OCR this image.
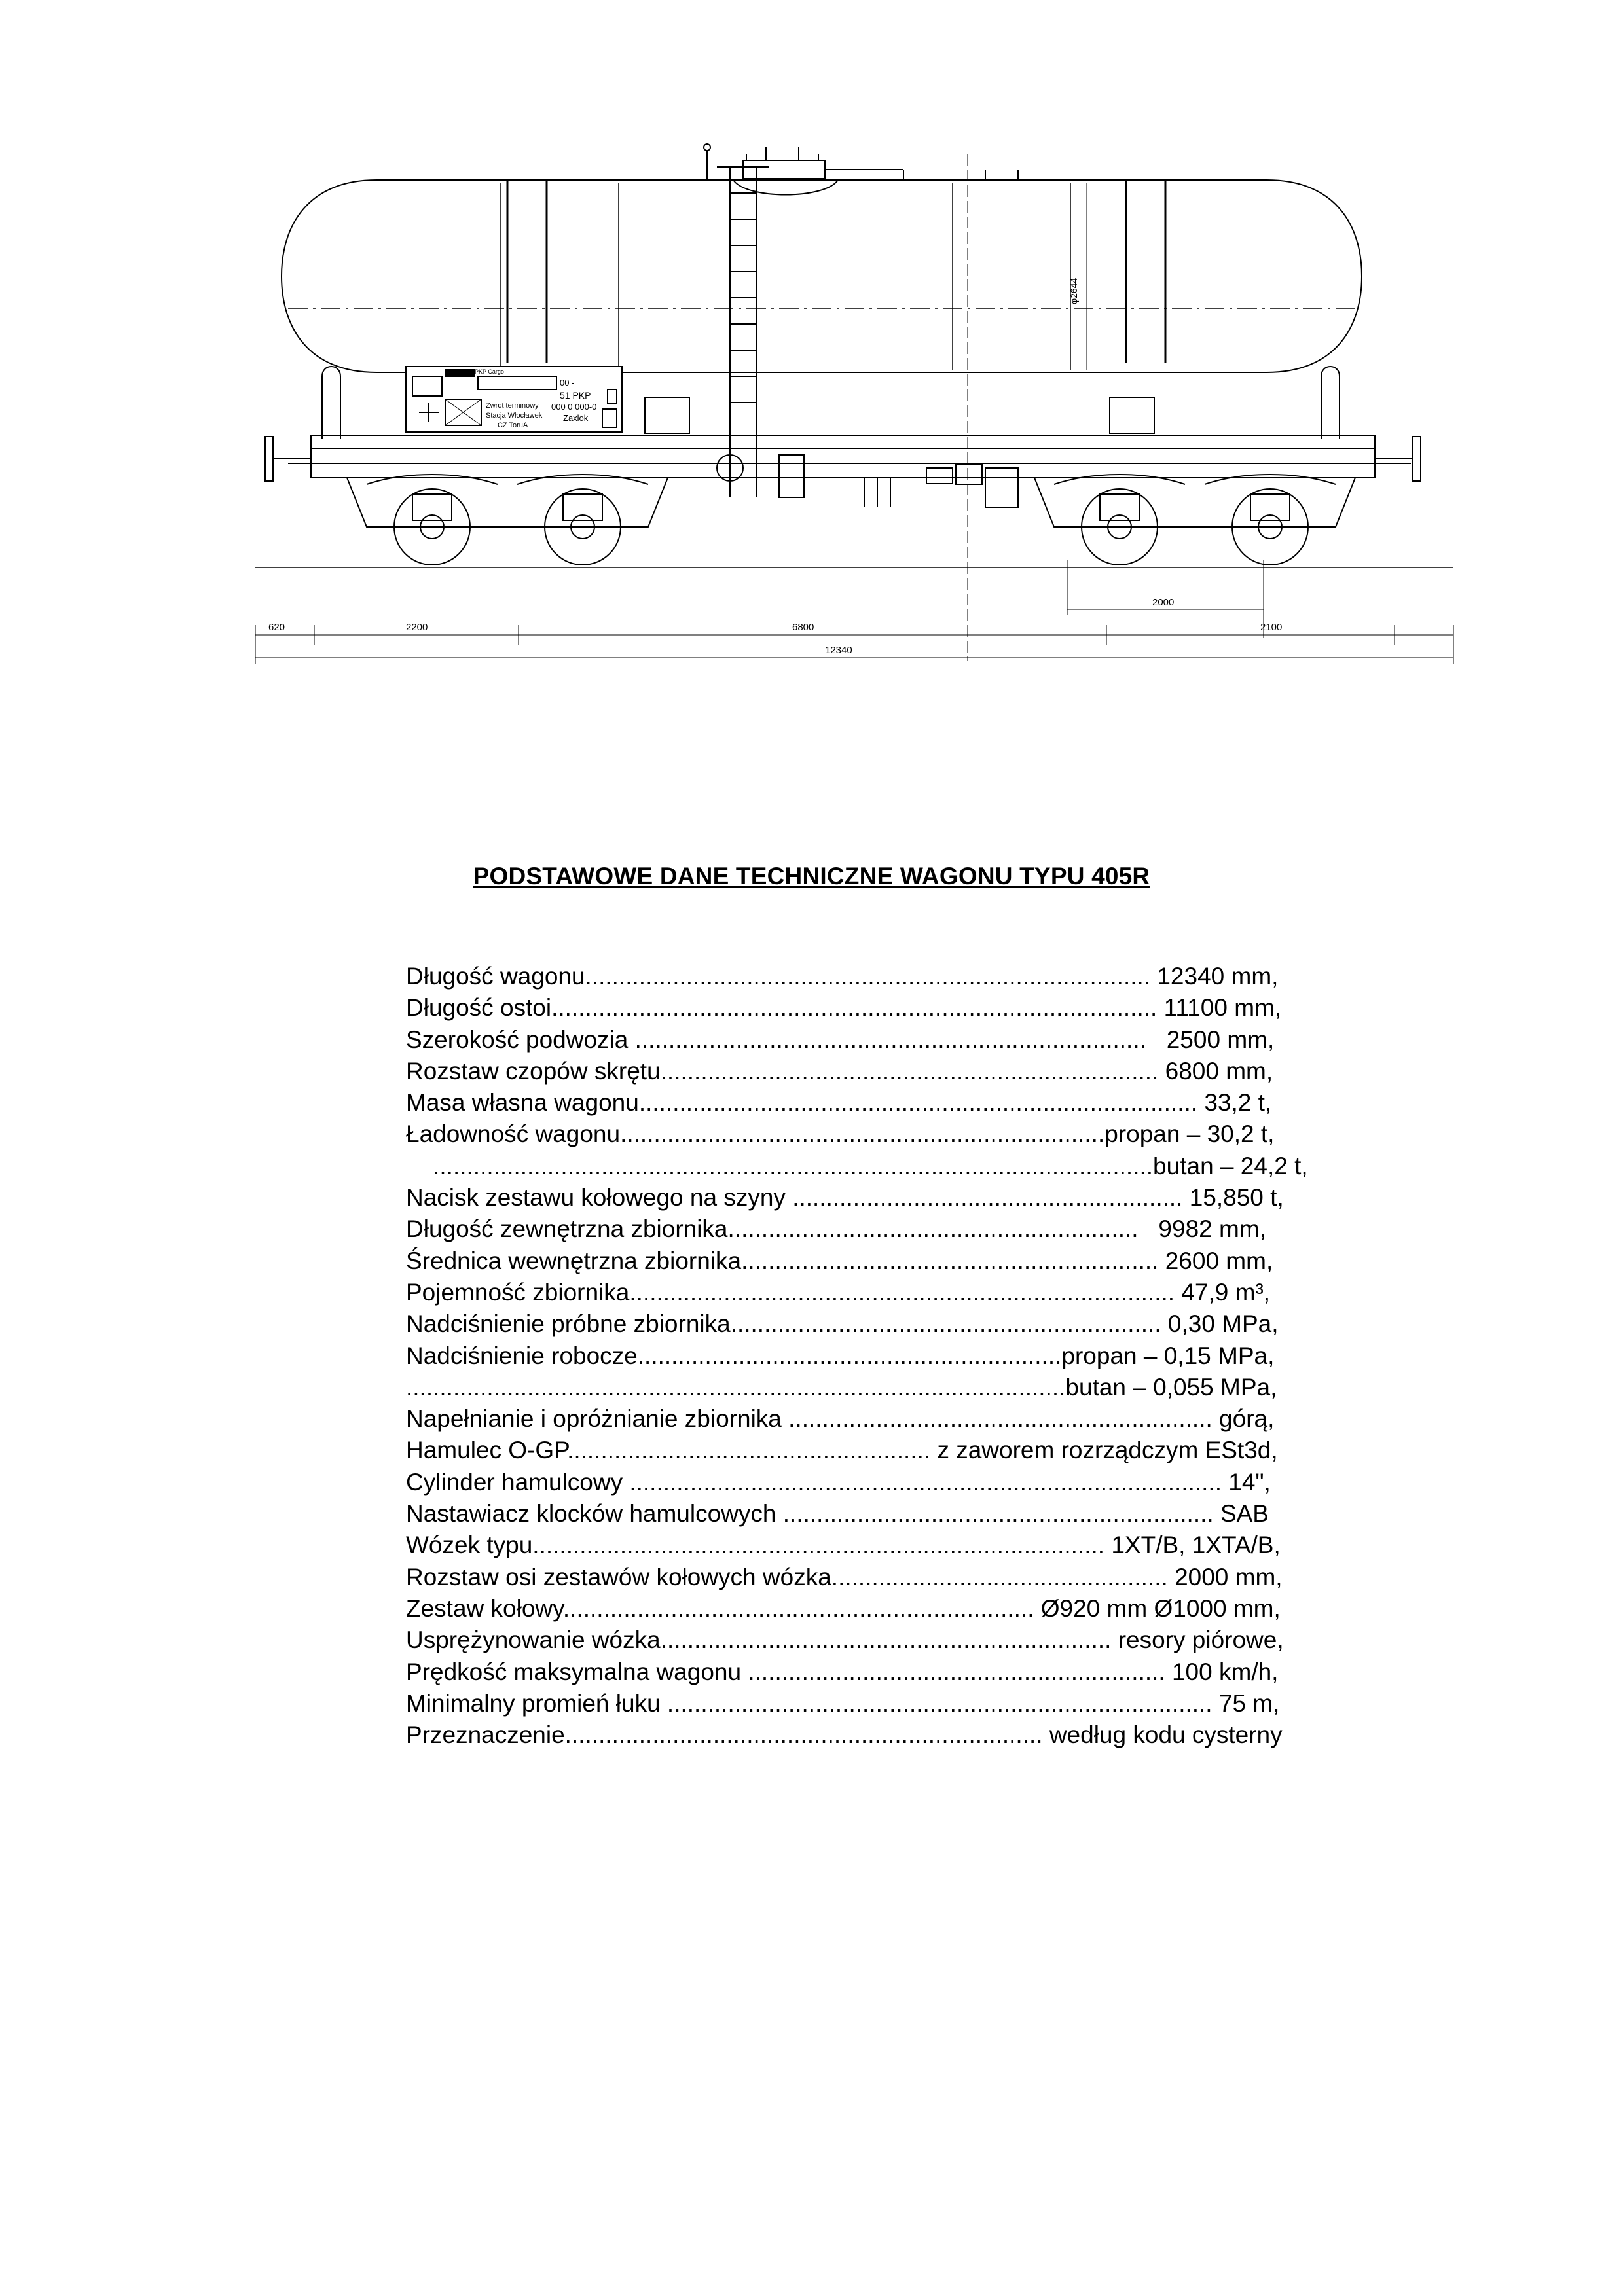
φ2644
PKP Cargo
00 -
51 PKP
000 0 000-0
Zaxlok
Zwrot terminowy
Stacja Włocławek
CZ ToruA
620	2200	6800	2100
2000
12340
PODSTAWOWE DANE TECHNICZNE WAGONU TYPU 405R
Długość wagonu.................................................................................... 12340 mm,
Długość ostoi.......................................................................................... 11100 mm,
Szerokość podwozia ............................................................................   2500 mm,
Rozstaw czopów skrętu.......................................................................... 6800 mm,
Masa własna wagonu................................................................................... 33,2 t,
Ładowność wagonu........................................................................propan – 30,2 t,
...........................................................................................................butan – 24,2 t,
Nacisk zestawu kołowego na szyny .......................................................... 15,850 t,
Długość zewnętrzna zbiornika.............................................................   9982 mm,
Średnica wewnętrzna zbiornika.............................................................. 2600 mm,
Pojemność zbiornika................................................................................. 47,9 m³,
Nadciśnienie próbne zbiornika................................................................ 0,30 MPa,
Nadciśnienie robocze...............................................................propan – 0,15 MPa,
..................................................................................................butan – 0,055 MPa,
Napełnianie i opróżnianie zbiornika ............................................................... górą,
Hamulec O-GP...................................................... z zaworem rozrządczym ESt3d,
Cylinder hamulcowy ........................................................................................ 14",
Nastawiacz klocków hamulcowych ................................................................ SAB
Wózek typu..................................................................................... 1XT/B, 1XTA/B,
Rozstaw osi zestawów kołowych wózka.................................................. 2000 mm,
Zestaw kołowy...................................................................... Ø920 mm Ø1000 mm,
Usprężynowanie wózka................................................................... resory piórowe,
Prędkość maksymalna wagonu .............................................................. 100 km/h,
Minimalny promień łuku ................................................................................. 75 m,
Przeznaczenie....................................................................... według kodu cysterny
